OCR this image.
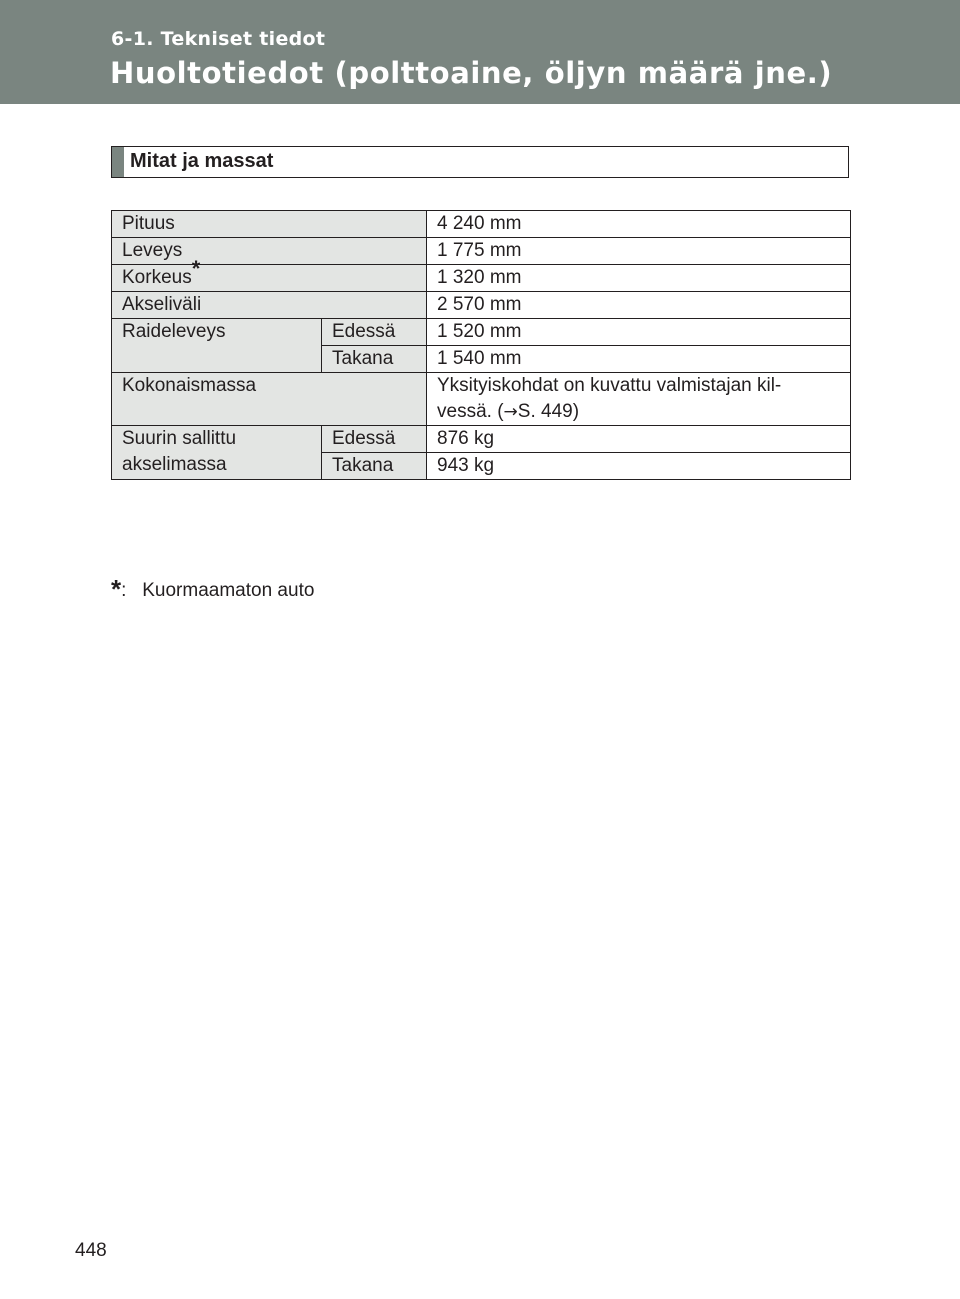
6-1. Tekniset tiedot
Huoltotiedot (polttoaine, öljyn määrä jne.)
Mitat ja massat
Pituus		4 240 mm
Leveys		1 775 mm
Korkeus*		1 320 mm
Akseliväli		2 570 mm
Raideleveys	Edessä	1 520 mm
	Takana	1 540 mm
Kokonaismassa		Yksityiskohdat on kuvattu valmistajan kil-
vessä. (→S. 449)

Suurin sallittu
akselimassa	Edessä	876 kg
	Takana	943 kg
*: Kuormaamaton auto
448
